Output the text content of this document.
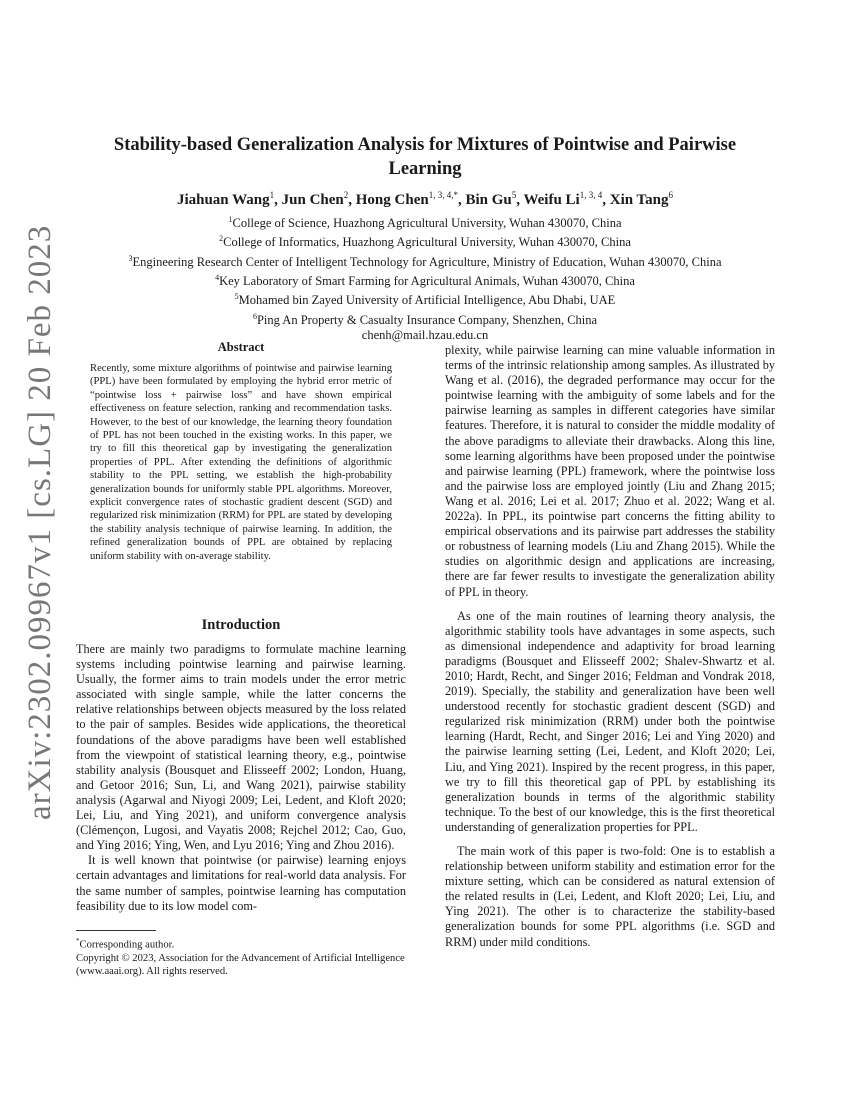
arXiv:2302.09967v1 [cs.LG] 20 Feb 2023
Stability-based Generalization Analysis for Mixtures of Pointwise and Pairwise Learning
Jiahuan Wang$^1$, Jun Chen$^2$, Hong Chen$^{1, 3, 4,*}$, Bin Gu$^5$, Weifu Li$^{1, 3, 4}$, Xin Tang$^6$
$^1$College of Science, Huazhong Agricultural University, Wuhan 430070, China
$^2$College of Informatics, Huazhong Agricultural University, Wuhan 430070, China
$^3$Engineering Research Center of Intelligent Technology for Agriculture, Ministry of Education, Wuhan 430070, China
$^4$Key Laboratory of Smart Farming for Agricultural Animals, Wuhan 430070, China
$^5$Mohamed bin Zayed University of Artificial Intelligence, Abu Dhabi, UAE
$^6$Ping An Property & Casualty Insurance Company, Shenzhen, China
chenh@mail.hzau.edu.cn
Abstract
Recently, some mixture algorithms of pointwise and pairwise learning (PPL) have been formulated by employing the hybrid error metric of “pointwise loss + pairwise loss” and have shown empirical effectiveness on feature selection, ranking and recommendation tasks. However, to the best of our knowledge, the learning theory foundation of PPL has not been touched in the existing works. In this paper, we try to fill this theoretical gap by investigating the generalization properties of PPL. After extending the definitions of algorithmic stability to the PPL setting, we establish the high-probability generalization bounds for uniformly stable PPL algorithms. Moreover, explicit convergence rates of stochastic gradient descent (SGD) and regularized risk minimization (RRM) for PPL are stated by developing the stability analysis technique of pairwise learning. In addition, the refined generalization bounds of PPL are obtained by replacing uniform stability with on-average stability.
Introduction

There are mainly two paradigms to formulate machine learning systems including pointwise learning and pairwise learning. Usually, the former aims to train models under the error metric associated with single sample, while the latter concerns the relative relationships between objects measured by the loss related to the pair of samples. Besides wide applications, the theoretical foundations of the above paradigms have been well established from the viewpoint of statistical learning theory, e.g., pointwise stability analysis (Bousquet and Elisseeff 2002; London, Huang, and Getoor 2016; Sun, Li, and Wang 2021), pairwise stability analysis (Agarwal and Niyogi 2009; Lei, Ledent, and Kloft 2020; Lei, Liu, and Ying 2021), and uniform convergence analysis (Clémençon, Lugosi, and Vayatis 2008; Rejchel 2012; Cao, Guo, and Ying 2016; Ying, Wen, and Lyu 2016; Ying and Zhou 2016).

It is well known that pointwise (or pairwise) learning enjoys certain advantages and limitations for real-world data analysis. For the same number of samples, pointwise learning has computation feasibility due to its low model com-

plexity, while pairwise learning can mine valuable information in terms of the intrinsic relationship among samples. As illustrated by Wang et al. (2016), the degraded performance may occur for the pointwise learning with the ambiguity of some labels and for the pairwise learning as samples in different categories have similar features. Therefore, it is natural to consider the middle modality of the above paradigms to alleviate their drawbacks. Along this line, some learning algorithms have been proposed under the pointwise and pairwise learning (PPL) framework, where the pointwise loss and the pairwise loss are employed jointly (Liu and Zhang 2015; Wang et al. 2016; Lei et al. 2017; Zhuo et al. 2022; Wang et al. 2022a). In PPL, its pointwise part concerns the fitting ability to empirical observations and its pairwise part addresses the stability or robustness of learning models (Liu and Zhang 2015). While the studies on algorithmic design and applications are increasing, there are far fewer results to investigate the generalization ability of PPL in theory.

As one of the main routines of learning theory analysis, the algorithmic stability tools have advantages in some aspects, such as dimensional independence and adaptivity for broad learning paradigms (Bousquet and Elisseeff 2002; Shalev-Shwartz et al. 2010; Hardt, Recht, and Singer 2016; Feldman and Vondrak 2018, 2019). Specially, the stability and generalization have been well understood recently for stochastic gradient descent (SGD) and regularized risk minimization (RRM) under both the pointwise learning (Hardt, Recht, and Singer 2016; Lei and Ying 2020) and the pairwise learning setting (Lei, Ledent, and Kloft 2020; Lei, Liu, and Ying 2021). Inspired by the recent progress, in this paper, we try to fill this theoretical gap of PPL by establishing its generalization bounds in terms of the algorithmic stability technique. To the best of our knowledge, this is the first theoretical understanding of generalization properties for PPL.

The main work of this paper is two-fold: One is to establish a relationship between uniform stability and estimation error for the mixture setting, which can be considered as natural extension of the related results in (Lei, Ledent, and Kloft 2020; Lei, Liu, and Ying 2021). The other is to characterize the stability-based generalization bounds for some PPL algorithms (i.e. SGD and RRM) under mild conditions.

*Corresponding author.
Copyright © 2023, Association for the Advancement of Artificial Intelligence (www.aaai.org). All rights reserved.
